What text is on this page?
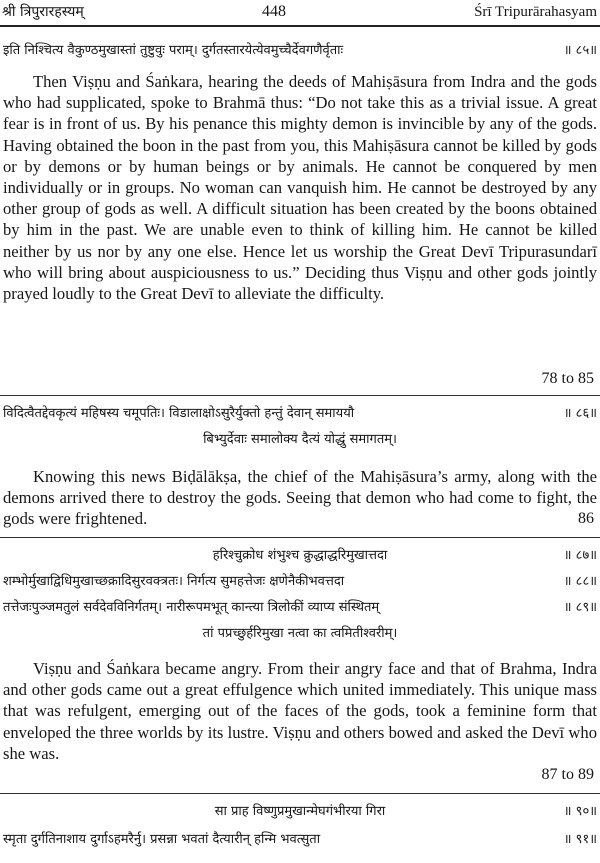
श्री त्रिपुरारहस्यम्	448	Śrī Tripurārahasyam
इति निश्चित्य वैकुण्ठमुखास्तां तुष्टुवुः पराम्। दुर्गतस्तारयेत्येवमुच्चैर्देवगणैर्वृताः	॥ ८५॥

Then Viṣṇu and Śaṅkara, hearing the deeds of Mahiṣāsura from Indra and the gods who had supplicated, spoke to Brahmā thus: “Do not take this as a trivial issue. A great fear is in front of us. By his penance this mighty demon is invincible by any of the gods. Having obtained the boon in the past from you, this Mahiṣāsura cannot be killed by gods or by demons or by human beings or by animals. He cannot be conquered by men individually or in groups. No woman can vanquish him. He cannot be destroyed by any other group of gods as well. A difficult situation has been created by the boons obtained by him in the past. We are unable even to think of killing him. He cannot be killed neither by us nor by any one else. Hence let us worship the Great Devī Tripurasundarī who will bring about auspiciousness to us.” Deciding thus Viṣṇu and other gods jointly prayed loudly to the Great Devī to alleviate the difficulty.

78 to 85
विदित्वैतद्देवकृत्यं महिषस्य चमूपतिः। विडालाक्षोऽसुरैर्युक्तो हन्तुं देवान् समाययौ	॥ ८६॥
बिभ्युर्देवाः समालोक्य दैत्यं योद्धुं समागतम्।

Knowing this news Biḍālākṣa, the chief of the Mahiṣāsura’s army, along with the demons arrived there to destroy the gods. Seeing that demon who had come to fight, the gods were frightened.	86
हरिश्चुक्रोध शंभुश्च क्रुद्धाद्धरिमुखात्तदा	॥ ८७॥
शम्भोर्मुखाद्विधिमुखाच्छक्रादिसुरवक्त्रतः। निर्गत्य सुमहत्तेजः क्षणेनैकीभवत्तदा	॥ ८८॥
तत्तेजःपुञ्जमतुलं सर्वदेवविनिर्गतम्। नारीरूपमभूत् कान्त्या त्रिलोकीं व्याप्य संस्थितम्	॥ ८९॥
तां पप्रच्छुर्हरिमुखा नत्वा का त्वमितीश्वरीम्।

Viṣṇu and Śaṅkara became angry. From their angry face and that of Brahma, Indra and other gods came out a great effulgence which united immediately. This unique mass that was refulgent, emerging out of the faces of the gods, took a feminine form that enveloped the three worlds by its lustre. Viṣṇu and others bowed and asked the Devī who she was.

87 to 89
सा प्राह विष्णुप्रमुखान्मेघगंभीरया गिरा	॥ ९०॥
स्मृता दुर्गतिनाशाय दुर्गाऽहमरैर्नु। प्रसन्ना भवतां दैत्यारीन् हन्मि भवत्सुता	॥ ९१॥
